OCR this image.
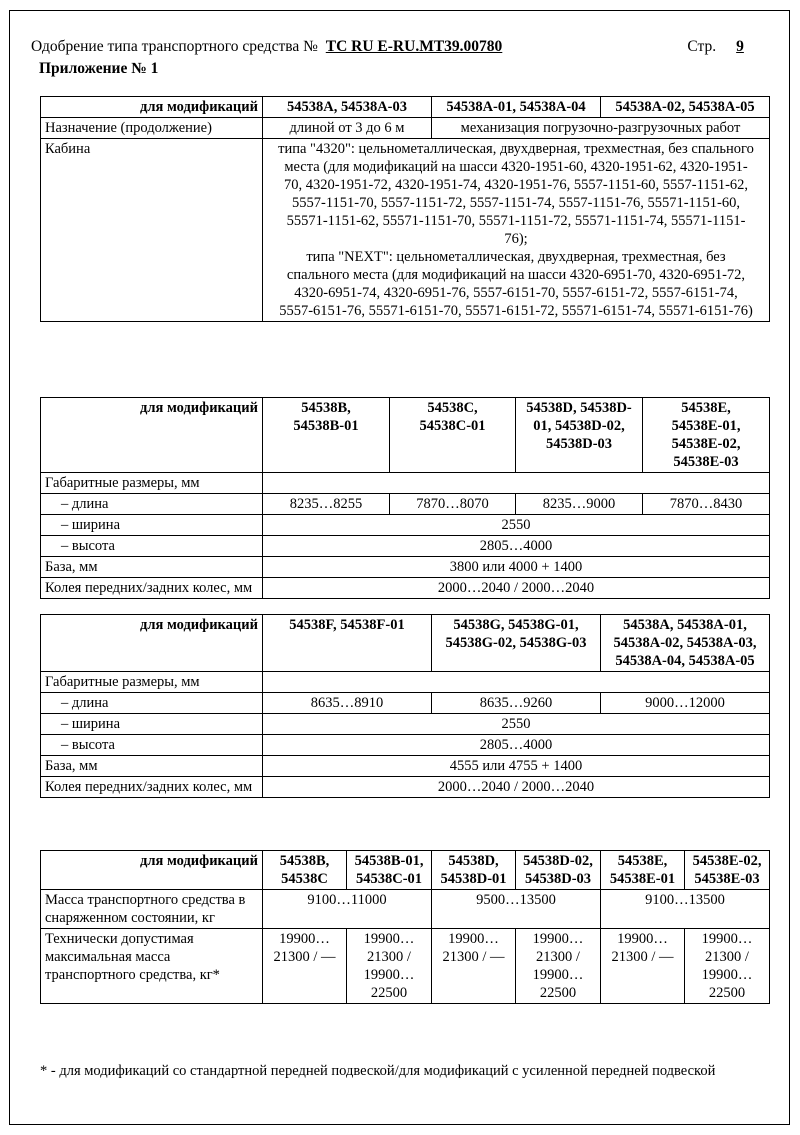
Одобрение типа транспортного средства № ТС RU E-RU.МТ39.00780	Стр. 9
Приложение № 1
для модификаций	54538А, 54538А-03	54538А-01, 54538А-04	54538А-02, 54538А-05
Назначение (продолжение)	длиной от 3 до 6 м	механизация погрузочно-разгрузочных работ	
Кабина	типа "4320": цельнометаллическая, двухдверная, трехместная, без спального места (для модификаций на шасси 4320-1951-60, 4320-1951-62, 4320-1951-70, 4320-1951-72, 4320-1951-74, 4320-1951-76, 5557-1151-60, 5557-1151-62, 5557-1151-70, 5557-1151-72, 5557-1151-74, 5557-1151-76, 55571-1151-60, 55571-1151-62, 55571-1151-70, 55571-1151-72, 55571-1151-74, 55571-1151-76);
типа "NEXT": цельнометаллическая, двухдверная, трехместная, без спального места (для модификаций на шасси 4320-6951-70, 4320-6951-72, 4320-6951-74, 4320-6951-76, 5557-6151-70, 5557-6151-72, 5557-6151-74, 5557-6151-76, 55571-6151-70, 55571-6151-72, 55571-6151-74, 55571-6151-76)		
для модификаций	54538В, 54538В-01	54538С, 54538С-01	54538D, 54538D-01, 54538D-02, 54538D-03	54538Е, 54538Е-01, 54538Е-02, 54538Е-03
Габаритные размеры, мм				
– длина	8235…8255	7870…8070	8235…9000	7870…8430
– ширина	2550			
– высота	2805…4000			
База, мм	3800 или 4000 + 1400			
Колея передних/задних колес, мм	2000…2040 / 2000…2040			
для модификаций	54538F, 54538F-01	54538G, 54538G-01, 54538G-02, 54538G-03	54538А, 54538А-01, 54538А-02, 54538А-03, 54538А-04, 54538А-05
Габаритные размеры, мм			
– длина	8635…8910	8635…9260	9000…12000
– ширина	2550		
– высота	2805…4000		
База, мм	4555 или 4755 + 1400		
Колея передних/задних колес, мм	2000…2040 / 2000…2040		
для модификаций	54538В, 54538С	54538В-01, 54538С-01	54538D, 54538D-01	54538D-02, 54538D-03	54538Е, 54538Е-01	54538Е-02, 54538Е-03
Масса транспортного средства в снаряженном состоянии, кг	9100…11000		9500…13500		9100…13500	
Технически допустимая максимальная масса транспортного средства, кг*	19900…21300 / —	19900…21300 / 19900…22500	19900…21300 / —	19900…21300 / 19900…22500	19900…21300 / —	19900…21300 / 19900…22500
* - для модификаций со стандартной передней подвеской/для модификаций с усиленной передней подвеской
